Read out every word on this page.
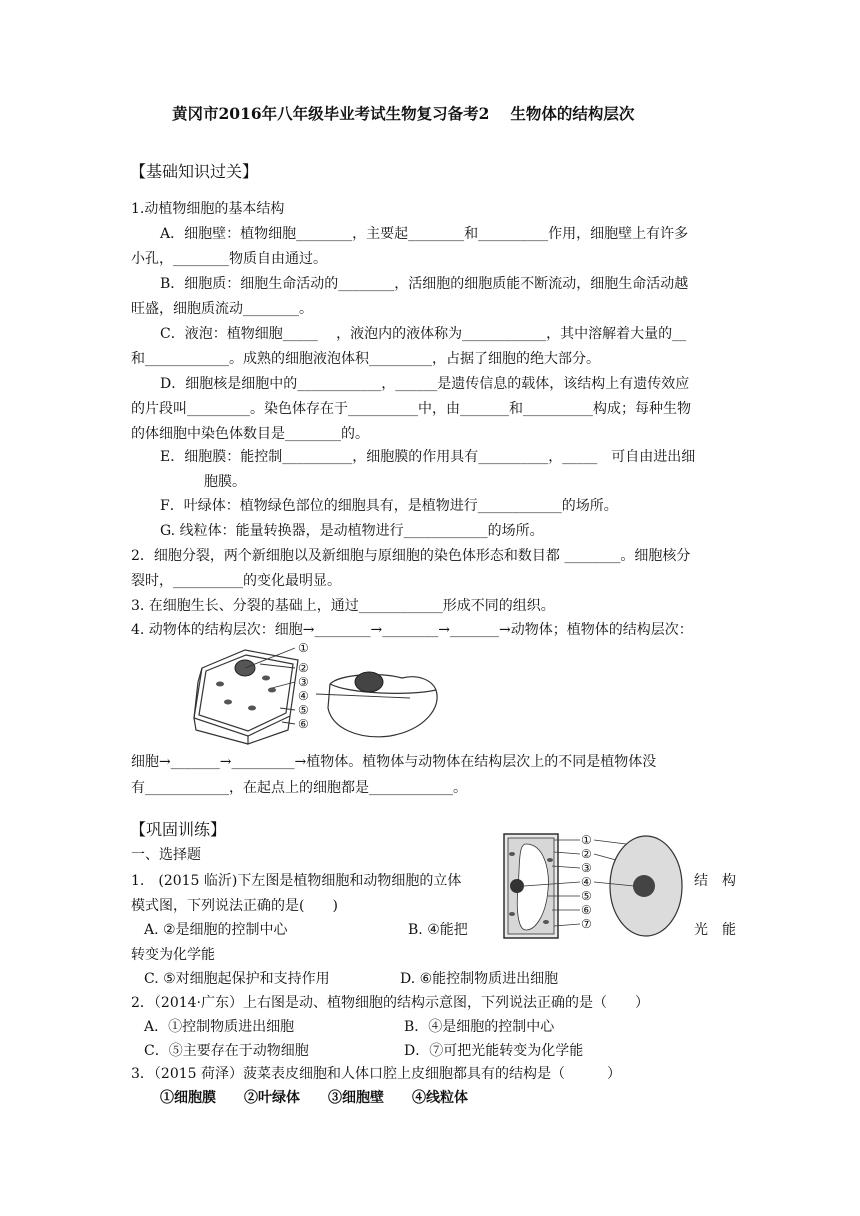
黄冈市2016年八年级毕业考试生物复习备考2　 生物体的结构层次
【基础知识过关】
1.动植物细胞的基本结构
A．细胞壁：植物细胞________，主要起________和__________作用，细胞壁上有许多
小孔，________物质自由通过。
B．细胞质：细胞生命活动的________，活细胞的细胞质能不断流动，细胞生命活动越
旺盛，细胞质流动________。
C．液泡：植物细胞_____　 ，液泡内的液体称为____________，其中溶解着大量的__
和____________。成熟的细胞液泡体积_________，占据了细胞的绝大部分。
D．细胞核是细胞中的____________，______是遗传信息的载体，该结构上有遗传效应
的片段叫_________。染色体存在于__________中，由_______和__________构成；每种生物
的体细胞中染色体数目是________的。
E．细胞膜：能控制__________，细胞膜的作用具有__________，_____　可自由进出细
胞膜。
F．叶绿体：植物绿色部位的细胞具有，是植物进行____________的场所。
G. 线粒体：能量转换器，是动植物进行____________的场所。
2．细胞分裂，两个新细胞以及新细胞与原细胞的染色体形态和数目都 ________。细胞核分
裂时，__________的变化最明显。
3. 在细胞生长、分裂的基础上，通过____________形成不同的组织。
4. 动物体的结构层次：细胞→________→________→_______→动物体；植物体的结构层次：
①
②
③
④
⑤
⑥
细胞→_______→_________→植物体。植物体与动物体在结构层次上的不同是植物体没
有____________，在起点上的细胞都是____________。
【巩固训练】
一、选择题
1.　(2015 临沂)下左图是植物细胞和动物细胞的立体	结　构
模式图，下列说法正确的是(　　)
A. ②是细胞的控制中心	B. ④能把	光　能
转变为化学能
①
②
③
④
⑤
⑥
⑦
C. ⑤对细胞起保护和支持作用	D. ⑥能控制物质进出细胞
2．（2014·广东）上右图是动、植物细胞的结构示意图，下列说法正确的是（　　）
A．①控制物质进出细胞	B．④是细胞的控制中心
C．⑤主要存在于动物细胞	D．⑦可把光能转变为化学能
3．（2015 荷泽）菠菜表皮细胞和人体口腔上皮细胞都具有的结构是（　　　）
①细胞膜　　②叶绿体　　③细胞壁　　④线粒体
